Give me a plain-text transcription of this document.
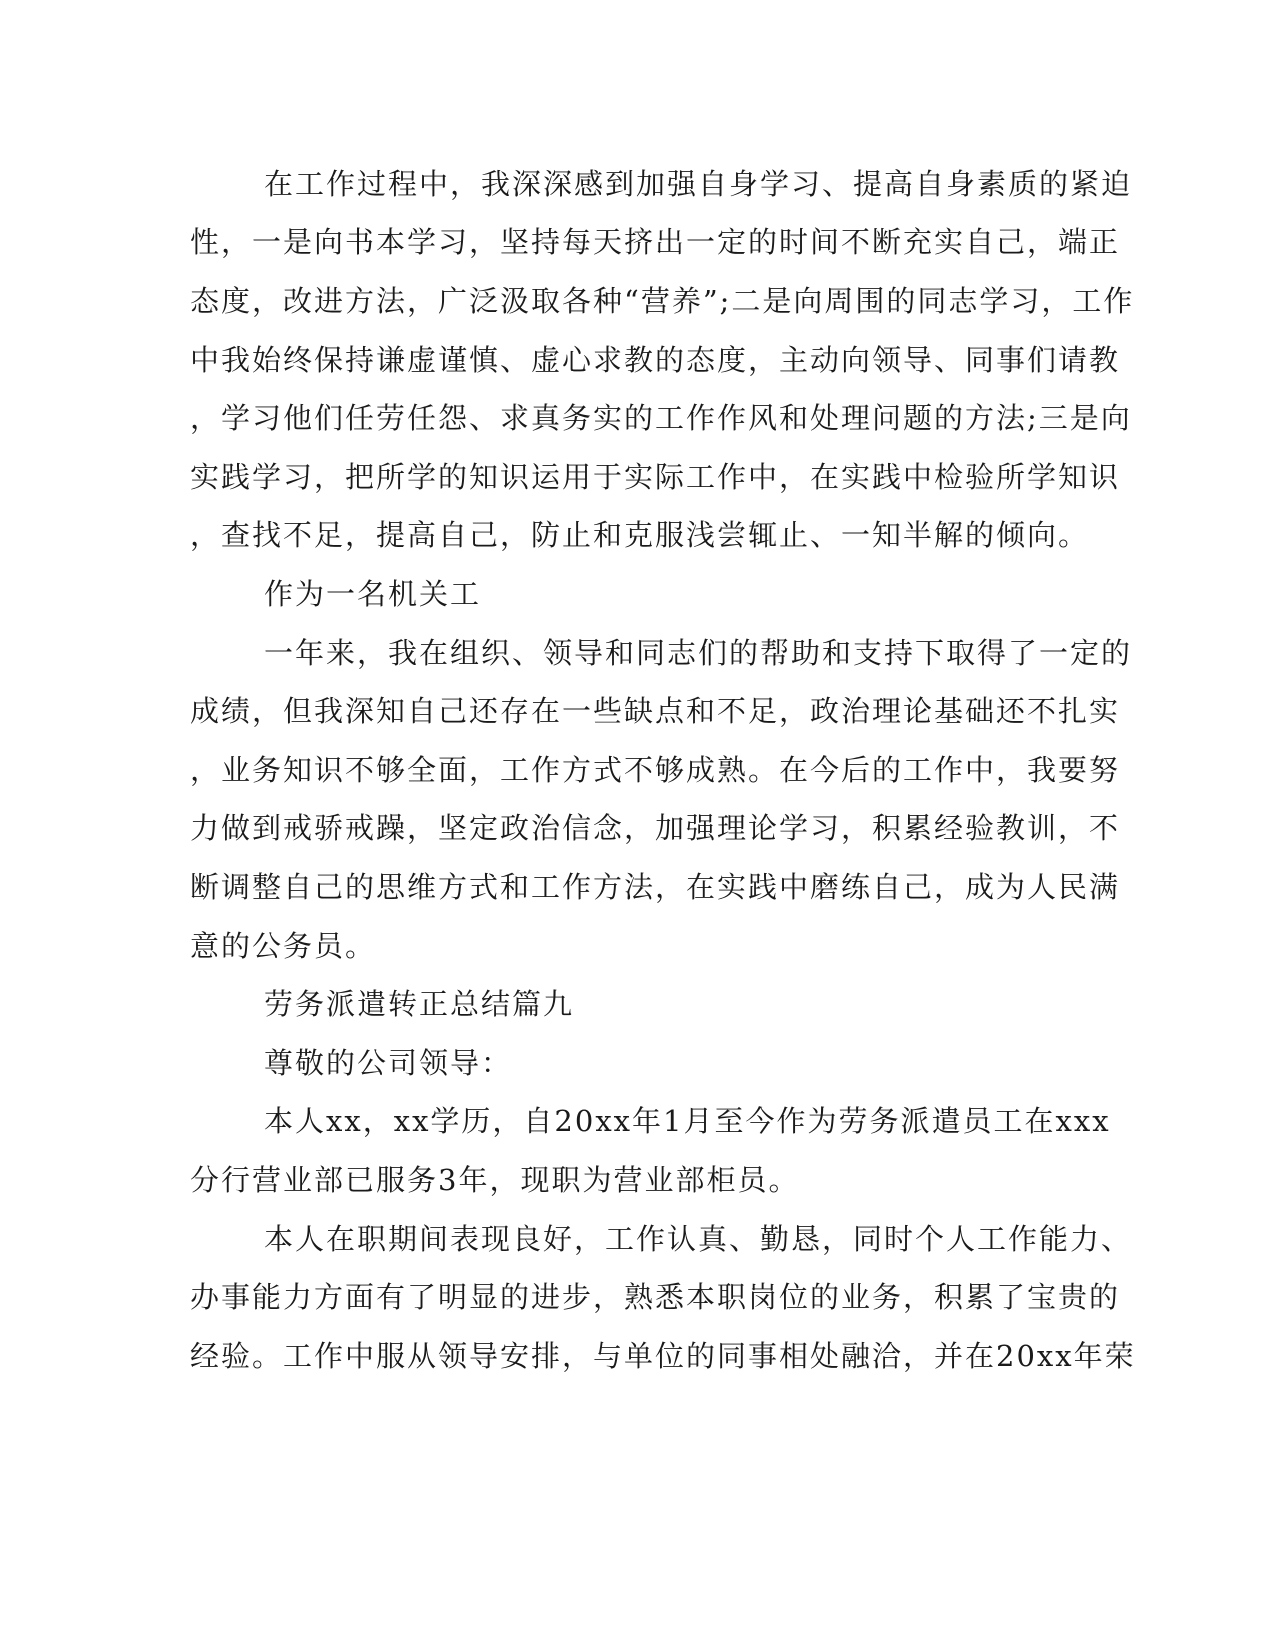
在工作过程中，我深深感到加强自身学习、提高自身素质的紧迫
性，一是向书本学习，坚持每天挤出一定的时间不断充实自己，端正
态度，改进方法，广泛汲取各种“营养”;二是向周围的同志学习，工作
中我始终保持谦虚谨慎、虚心求教的态度，主动向领导、同事们请教
，学习他们任劳任怨、求真务实的工作作风和处理问题的方法;三是向
实践学习，把所学的知识运用于实际工作中，在实践中检验所学知识
，查找不足，提高自己，防止和克服浅尝辄止、一知半解的倾向。
作为一名机关工
一年来，我在组织、领导和同志们的帮助和支持下取得了一定的
成绩，但我深知自己还存在一些缺点和不足，政治理论基础还不扎实
，业务知识不够全面，工作方式不够成熟。在今后的工作中，我要努
力做到戒骄戒躁，坚定政治信念，加强理论学习，积累经验教训，不
断调整自己的思维方式和工作方法，在实践中磨练自己，成为人民满
意的公务员。
劳务派遣转正总结篇九
尊敬的公司领导：
本人xx，xx学历，自20xx年1月至今作为劳务派遣员工在xxx
分行营业部已服务3年，现职为营业部柜员。
本人在职期间表现良好，工作认真、勤恳，同时个人工作能力、
办事能力方面有了明显的进步，熟悉本职岗位的业务，积累了宝贵的
经验。工作中服从领导安排，与单位的同事相处融洽，并在20xx年荣
